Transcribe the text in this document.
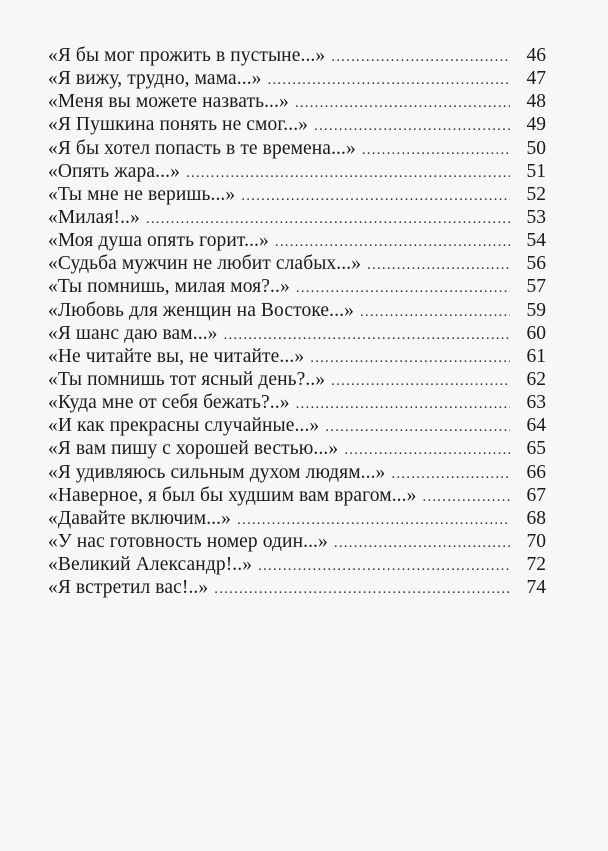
«Я бы мог прожить в пустыне...» .....	46
«Я вижу, трудно, мама...» .....	47
«Меня вы можете назвать...» .....	48
«Я Пушкина понять не смог...» .....	49
«Я бы хотел попасть в те времена...» .....	50
«Опять жара...» .....	51
«Ты мне не веришь...» .....	52
«Милая!..» .....	53
«Моя душа опять горит...» .....	54
«Судьба мужчин не любит слабых...» .....	56
«Ты помнишь, милая моя?..» .....	57
«Любовь для женщин на Востоке...» .....	59
«Я шанс даю вам...» .....	60
«Не читайте вы, не читайте...» .....	61
«Ты помнишь тот ясный день?..» .....	62
«Куда мне от себя бежать?..» .....	63
«И как прекрасны случайные...» .....	64
«Я вам пишу с хорошей вестью...» .....	65
«Я удивляюсь сильным духом людям...» .....	66
«Наверное, я был бы худшим вам врагом...» .....	67
«Давайте включим...» .....	68
«У нас готовность номер один...» .....	70
«Великий Александр!..» .....	72
«Я встретил вас!..» .....	74
